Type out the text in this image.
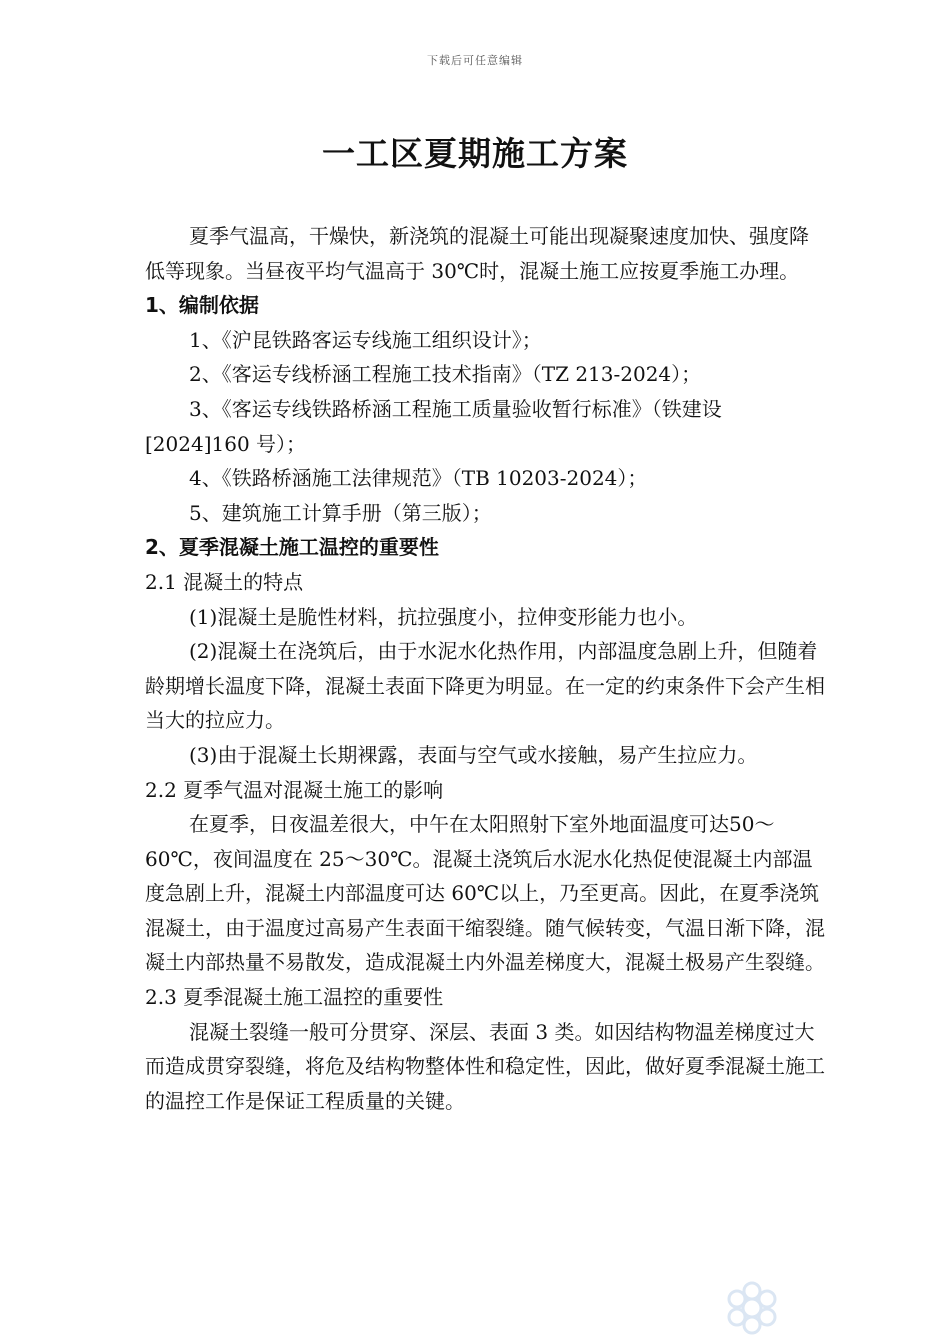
下载后可任意编辑
一工区夏期施工方案

夏季气温高，干燥快，新浇筑的混凝土可能出现凝聚速度加快、强度降低等现象。当昼夜平均气温高于 30℃时，混凝土施工应按夏季施工办理。

1、编制依据

1、《沪昆铁路客运专线施工组织设计》；

2、《客运专线桥涵工程施工技术指南》（TZ 213-2024）；

3、《客运专线铁路桥涵工程施工质量验收暂行标准》（铁建设[2024]160 号）；

4、《铁路桥涵施工法律规范》（TB 10203-2024）；

5、建筑施工计算手册（第三版）；

2、夏季混凝土施工温控的重要性

2.1 混凝土的特点

(1)混凝土是脆性材料，抗拉强度小，拉伸变形能力也小。

(2)混凝土在浇筑后，由于水泥水化热作用，内部温度急剧上升，但随着龄期增长温度下降，混凝土表面下降更为明显。在一定的约束条件下会产生相当大的拉应力。

(3)由于混凝土长期裸露，表面与空气或水接触，易产生拉应力。

2.2 夏季气温对混凝土施工的影响

在夏季，日夜温差很大，中午在太阳照射下室外地面温度可达50～60℃，夜间温度在 25～30℃。混凝土浇筑后水泥水化热促使混凝土内部温度急剧上升，混凝土内部温度可达 60℃以上，乃至更高。因此，在夏季浇筑混凝土，由于温度过高易产生表面干缩裂缝。随气候转变，气温日渐下降，混凝土内部热量不易散发，造成混凝土内外温差梯度大，混凝土极易产生裂缝。

2.3 夏季混凝土施工温控的重要性

混凝土裂缝一般可分贯穿、深层、表面 3 类。如因结构物温差梯度过大而造成贯穿裂缝，将危及结构物整体性和稳定性，因此，做好夏季混凝土施工的温控工作是保证工程质量的关键。
